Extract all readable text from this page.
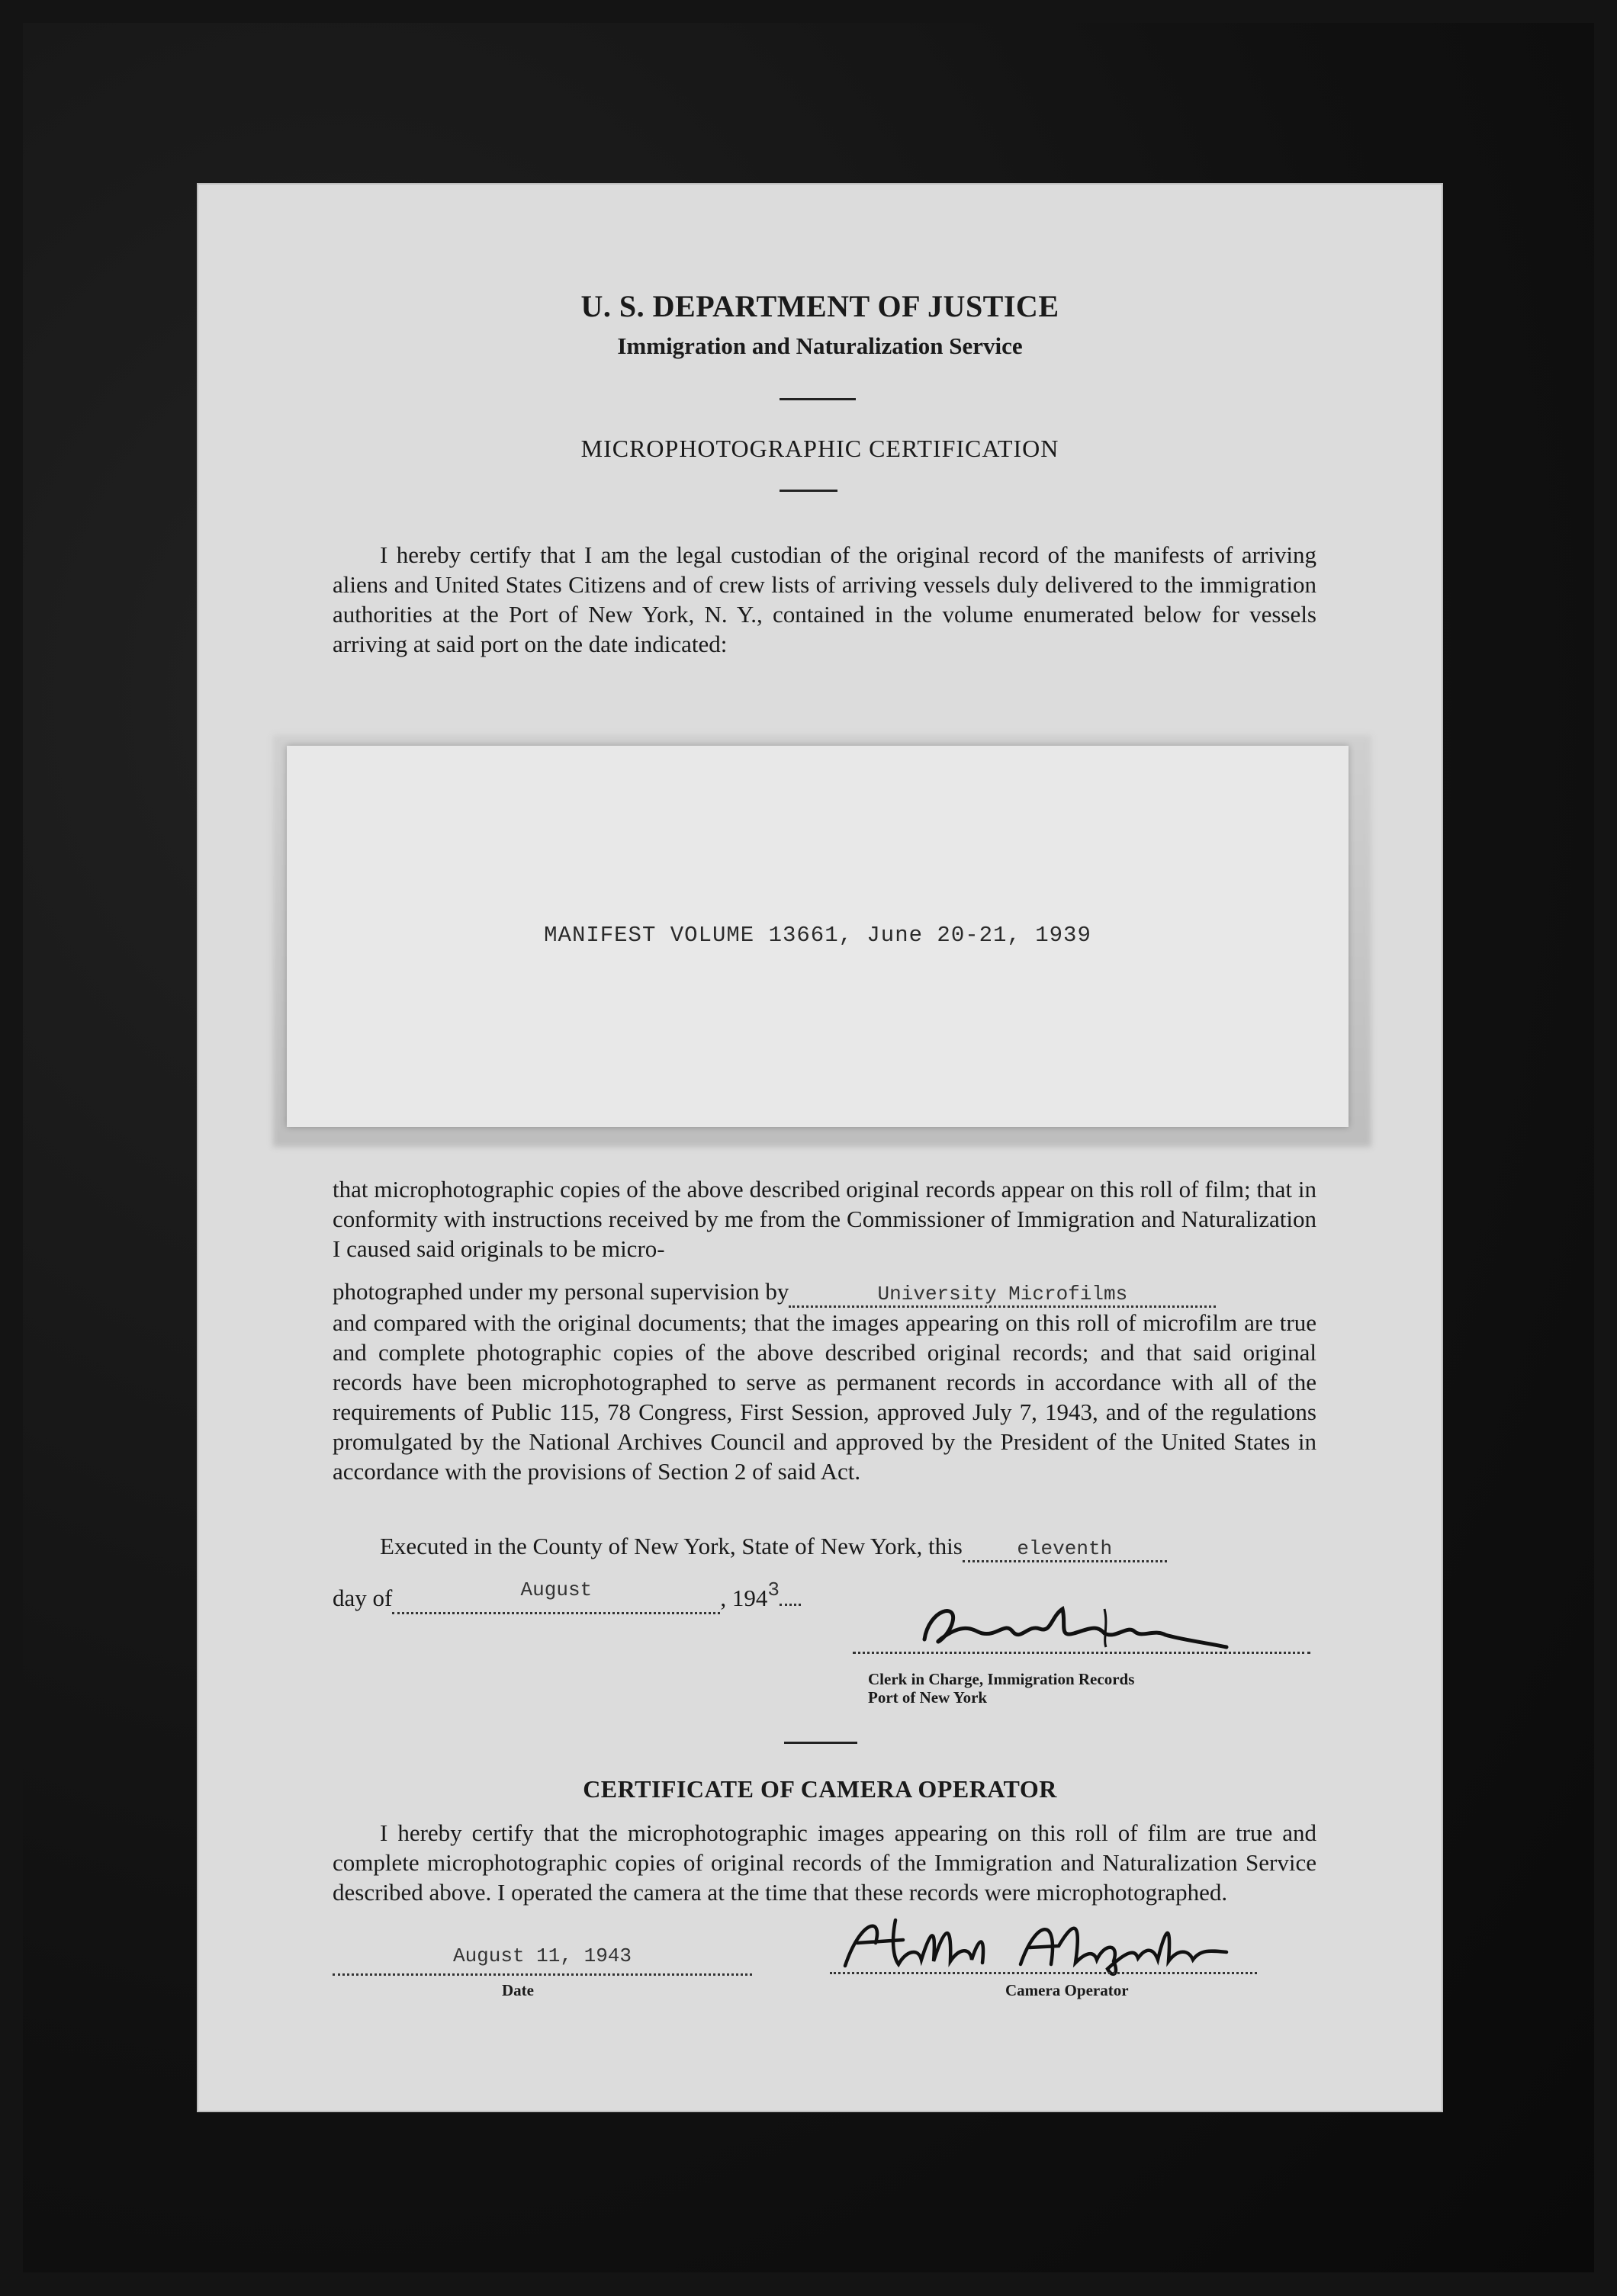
U. S. DEPARTMENT OF JUSTICE
Immigration and Naturalization Service
MICROPHOTOGRAPHIC CERTIFICATION
I hereby certify that I am the legal custodian of the original record of the manifests of arriving aliens and United States Citizens and of crew lists of arriving vessels duly delivered to the immigration authorities at the Port of New York, N. Y., contained in the volume enumerated below for vessels arriving at said port on the date indicated:
MANIFEST VOLUME 13661, June 20-21, 1939
that microphotographic copies of the above described original records appear on this roll of film; that in conformity with instructions received by me from the Commissioner of Immigration and Naturalization I caused said originals to be micro-
photographed under my personal supervision by	University Microfilms
and compared with the original documents; that the images appearing on this roll of microfilm are true and complete photographic copies of the above described original records; and that said original records have been microphotographed to serve as permanent records in accordance with all of the requirements of Public 115, 78 Congress, First Session, approved July 7, 1943, and of the regulations promulgated by the National Archives Council and approved by the President of the United States in accordance with the provisions of Section 2 of said Act.
Executed in the County of New York, State of New York, this	eleventh
day of	$^{August}$	, $194^3$
Clerk in Charge, Immigration Records
Port of New York
CERTIFICATE OF CAMERA OPERATOR
I hereby certify that the microphotographic images appearing on this roll of film are true and complete microphotographic copies of original records of the Immigration and Naturalization Service described above. I operated the camera at the time that these records were microphotographed.
August 11, 1943
Date	Camera Operator
